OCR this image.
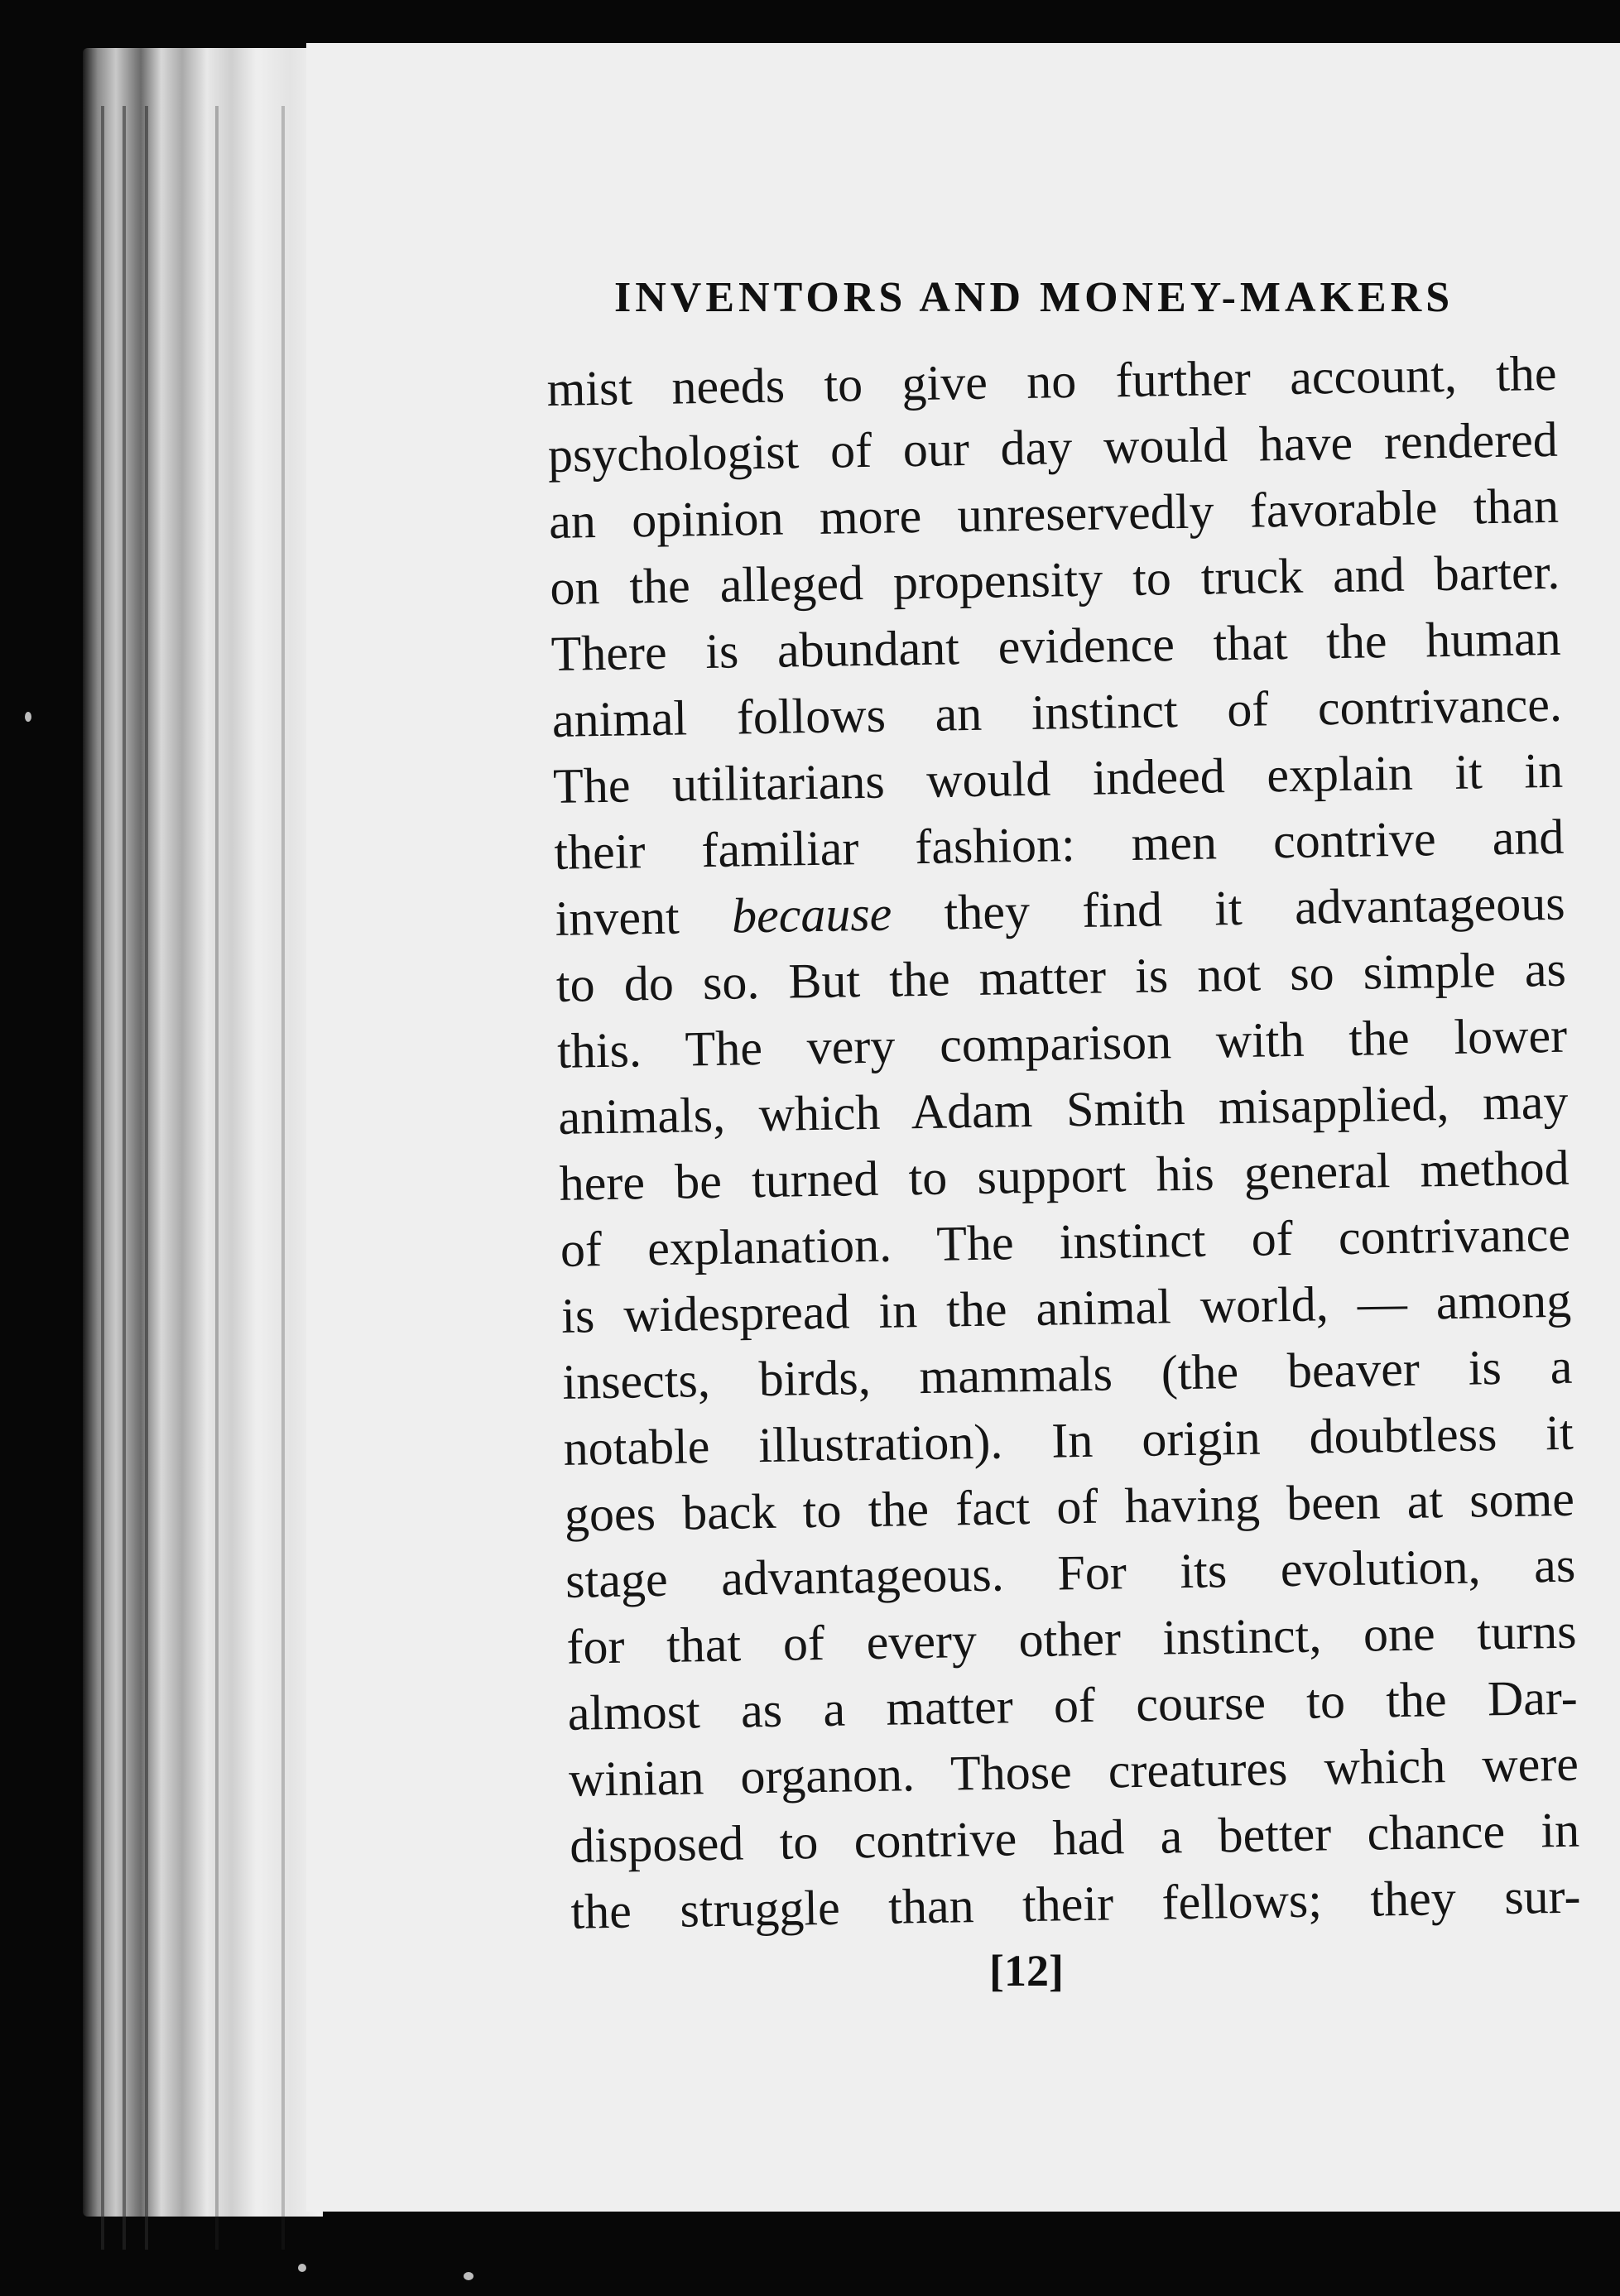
INVENTORS AND MONEY-MAKERS
mist needs to give no further account, the
psychologist of our day would have rendered
an opinion more unreservedly favorable than
on the alleged propensity to truck and barter.
There is abundant evidence that the human
animal follows an instinct of contrivance.
The utilitarians would indeed explain it in
their familiar fashion: men contrive and
invent because they find it advantageous
to do so. But the matter is not so simple as
this. The very comparison with the lower
animals, which Adam Smith misapplied, may
here be turned to support his general method
of explanation. The instinct of contrivance
is widespread in the animal world, — among
insects, birds, mammals (the beaver is a
notable illustration). In origin doubtless it
goes back to the fact of having been at some
stage advantageous. For its evolution, as
for that of every other instinct, one turns
almost as a matter of course to the Dar-
winian organon. Those creatures which were
disposed to contrive had a better chance in
the struggle than their fellows; they sur-
[12]
